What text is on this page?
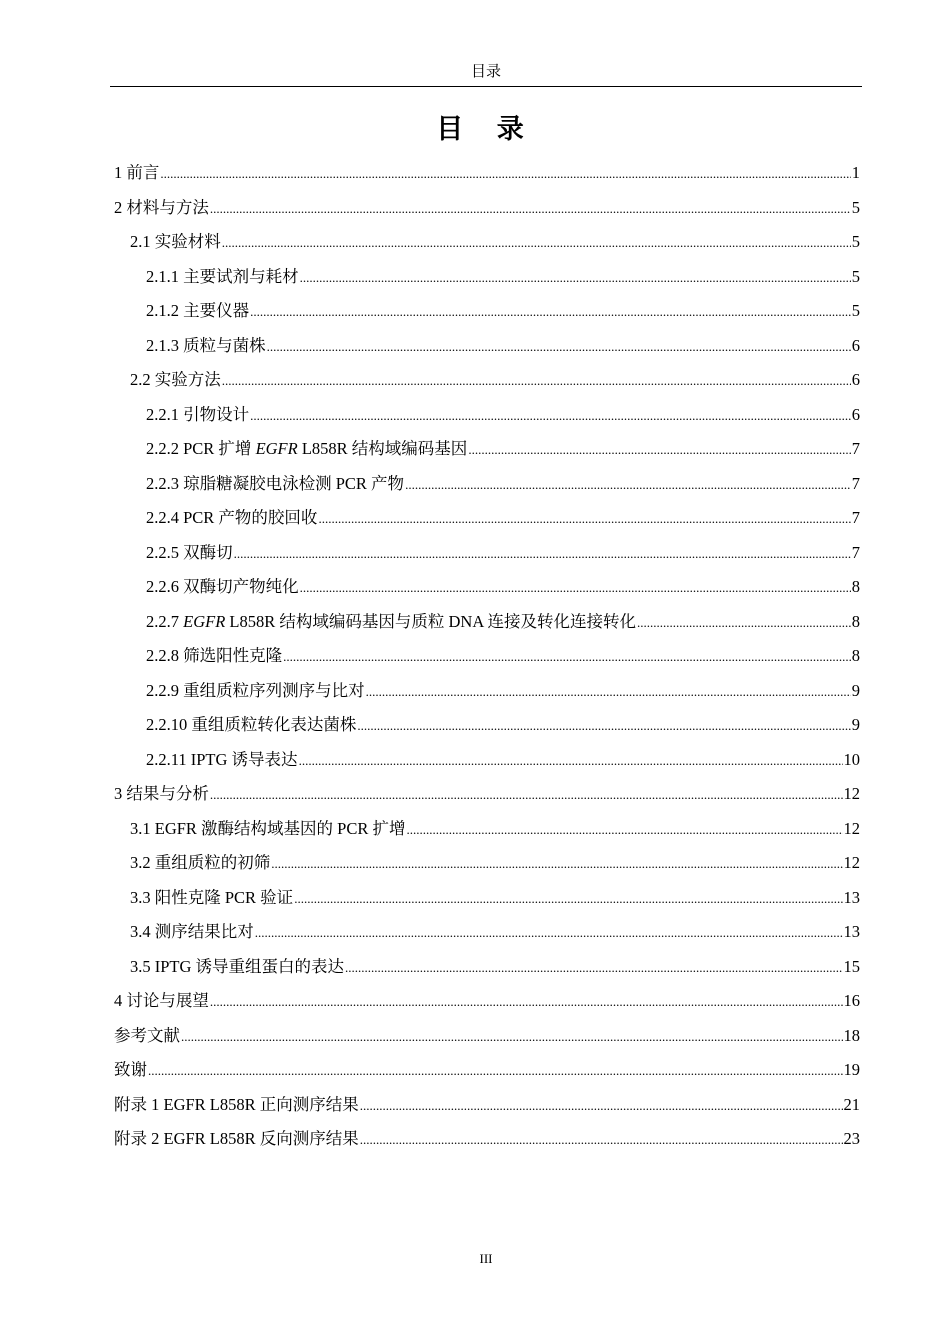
目录
目 录
1 前言 .....	1
2 材料与方法 .....	5
2.1 实验材料 .....	5
2.1.1 主要试剂与耗材 .....	5
2.1.2 主要仪器 .....	5
2.1.3 质粒与菌株 .....	6
2.2 实验方法 .....	6
2.2.1 引物设计 .....	6
2.2.2 PCR 扩增 EGFR L858R 结构域编码基因 .....	7
2.2.3 琼脂糖凝胶电泳检测 PCR 产物 .....	7
2.2.4 PCR 产物的胶回收 .....	7
2.2.5 双酶切 .....	7
2.2.6 双酶切产物纯化 .....	8
2.2.7 EGFR L858R 结构域编码基因与质粒 DNA 连接及转化连接转化 .....	8
2.2.8 筛选阳性克隆 .....	8
2.2.9 重组质粒序列测序与比对 .....	9
2.2.10 重组质粒转化表达菌株 .....	9
2.2.11 IPTG 诱导表达 .....	10
3 结果与分析 .....	12
3.1 EGFR 激酶结构域基因的 PCR 扩增 .....	12
3.2 重组质粒的初筛 .....	12
3.3 阳性克隆 PCR 验证 .....	13
3.4 测序结果比对 .....	13
3.5 IPTG 诱导重组蛋白的表达 .....	15
4 讨论与展望 .....	16
参考文献 .....	18
致谢 .....	19
附录 1 EGFR L858R 正向测序结果 .....	21
附录 2 EGFR L858R 反向测序结果 .....	23
III
